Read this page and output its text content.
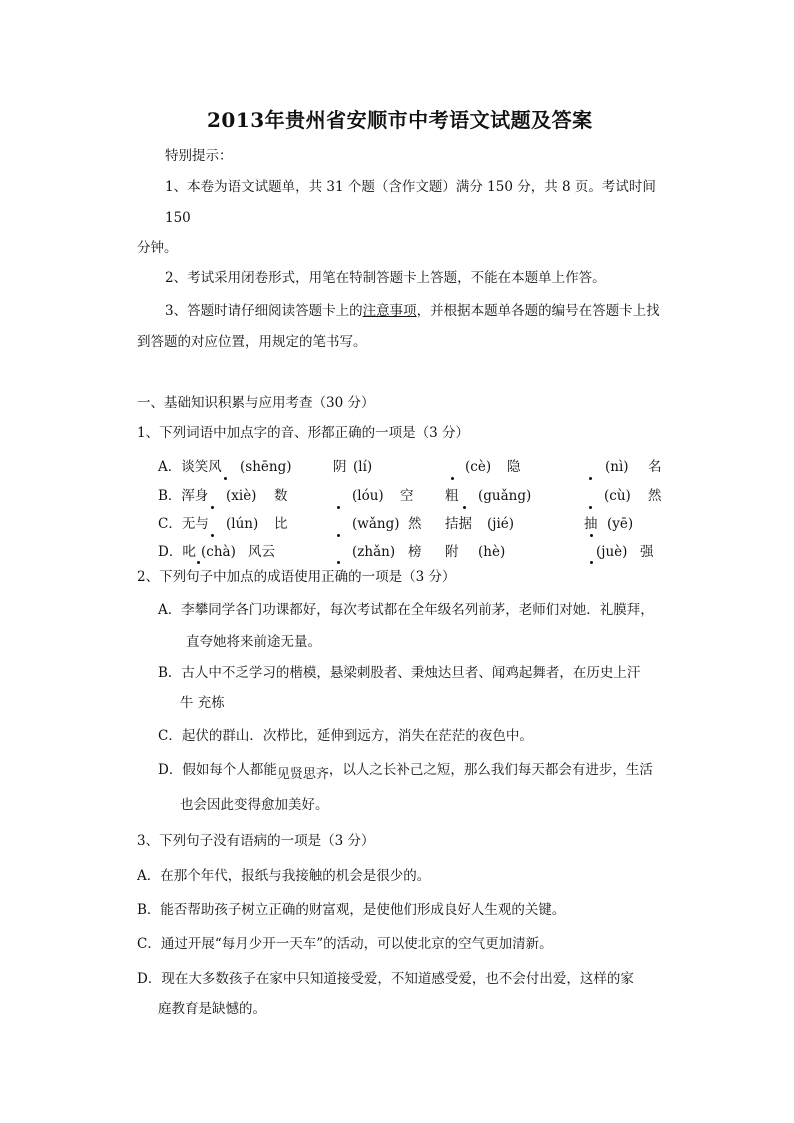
2013年贵州省安顺市中考语文试题及答案
特别提示：
1、本卷为语文试题单，共 31 个题（含作文题）满分 150 分，共 8 页。考试时间
150
分钟。
2、考试采用闭卷形式，用笔在特制答题卡上答题，不能在本题单上作答。
3、答题时请仔细阅读答题卡上的注意事项，并根据本题单各题的编号在答题卡上找
到答题的对应位置，用规定的笔书写。
一、基础知识积累与应用考查（30 分）
1、下列词语中加点字的音、形都正确的一项是（3 分）
A．谈笑风 (shēng)	阴 (lí)	(cè) 隐	(nì) 名
B．浑身 (xiè) 数	(lóu) 空 粗 (guǎng)	(cù) 然
C．无与 (lún) 比	(wǎng) 然 拮据 (jié)	抽 (yē)
D．叱 (chà) 风云	(zhǎn) 榜 附 (hè)	(juè) 强
2、下列句子中加点的成语使用正确的一项是（3 分）
A．李攀同学各门功课都好，每次考试都在全年级名列前茅，老师们对她．礼膜拜，
直夸她将来前途无量。
B．古人中不乏学习的楷模，悬梁刺股者、秉烛达旦者、闻鸡起舞者，在历史上汗
牛 充栋
C．起伏的群山．次栉比，延伸到远方，消失在茫茫的夜色中。
D．假如每个人都能见贤思齐，以人之长补己之短，那么我们每天都会有进步，生活
也会因此变得愈加美好。
3、下列句子没有语病的一项是（3 分）
A．在那个年代，报纸与我接触的机会是很少的。
B．能否帮助孩子树立正确的财富观，是使他们形成良好人生观的关键。
C．通过开展“每月少开一天车”的活动，可以使北京的空气更加清新。
D．现在大多数孩子在家中只知道接受爱，不知道感受爱，也不会付出爱，这样的家
庭教育是缺憾的。
